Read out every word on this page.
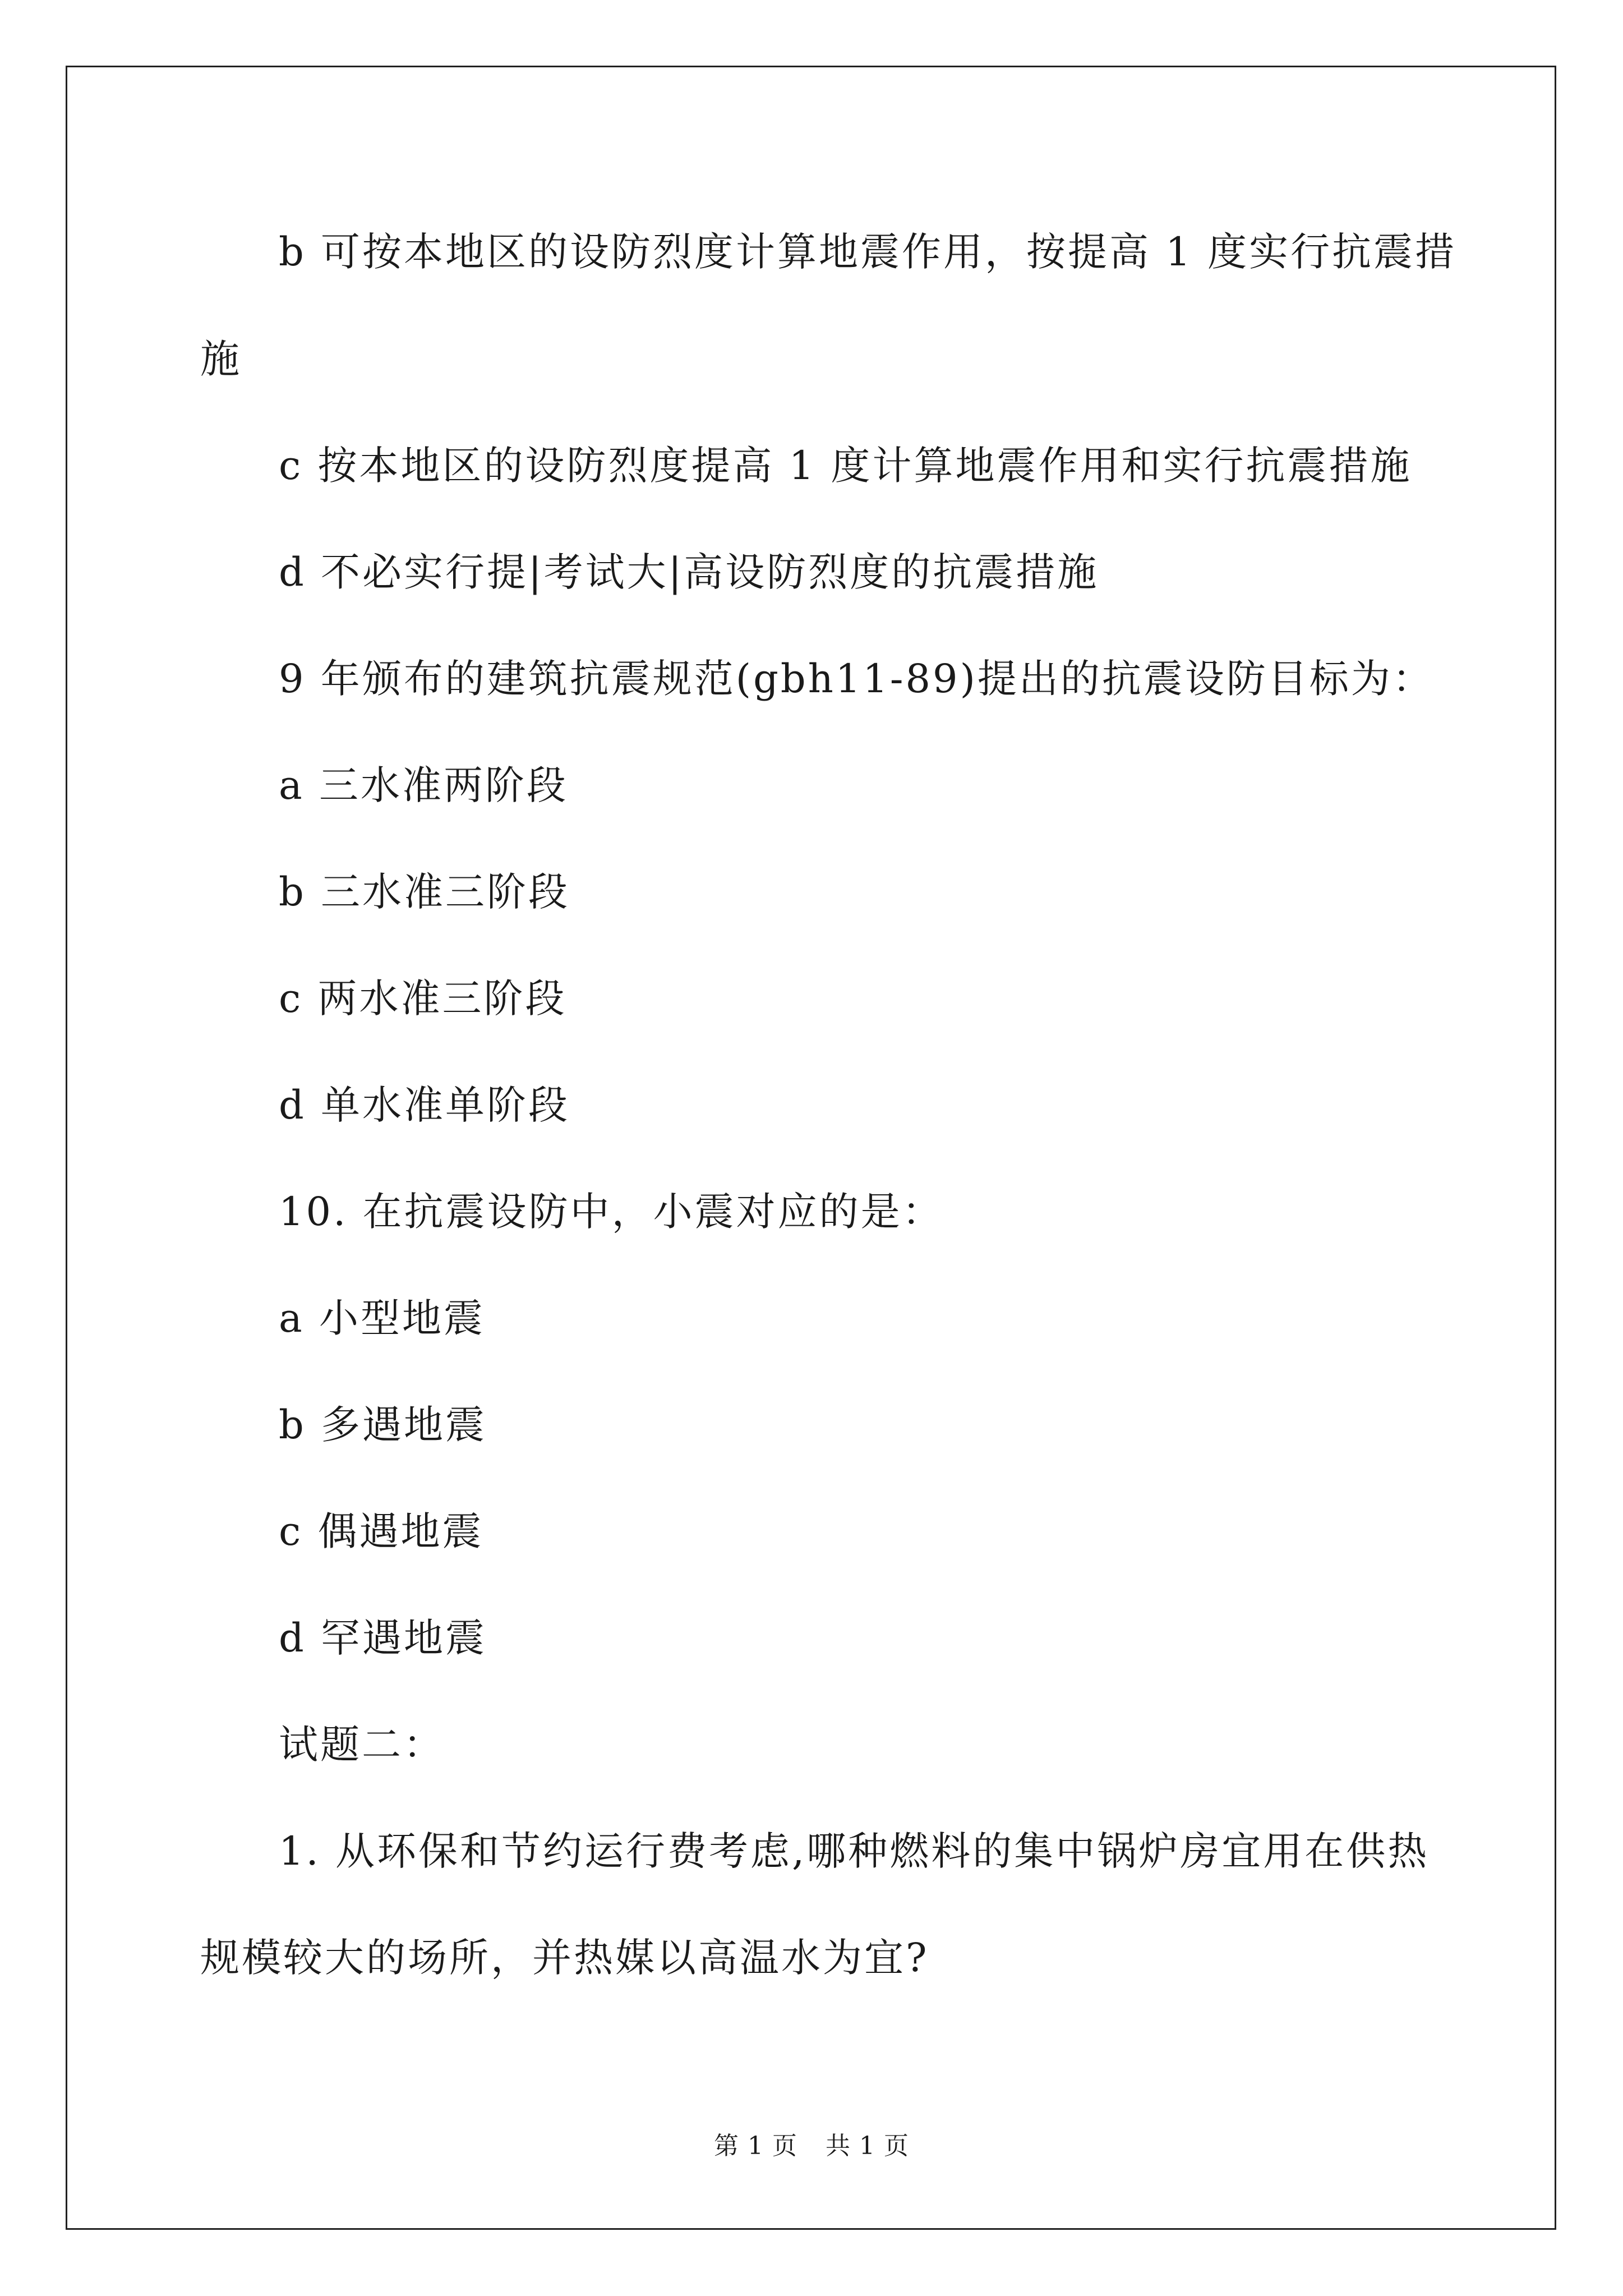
b 可按本地区的设防烈度计算地震作用，按提高 1 度实行抗震措
施
c 按本地区的设防烈度提高 1 度计算地震作用和实行抗震措施
d 不必实行提|考试大|高设防烈度的抗震措施
9 年颁布的建筑抗震规范(gbh11-89)提出的抗震设防目标为：
a 三水准两阶段
b 三水准三阶段
c 两水准三阶段
d 单水准单阶段
10. 在抗震设防中，小震对应的是：
a 小型地震
b 多遇地震
c 偶遇地震
d 罕遇地震
试题二：
1. 从环保和节约运行费考虑,哪种燃料的集中锅炉房宜用在供热
规模较大的场所，并热媒以高温水为宜?
第 1 页 共 1 页
